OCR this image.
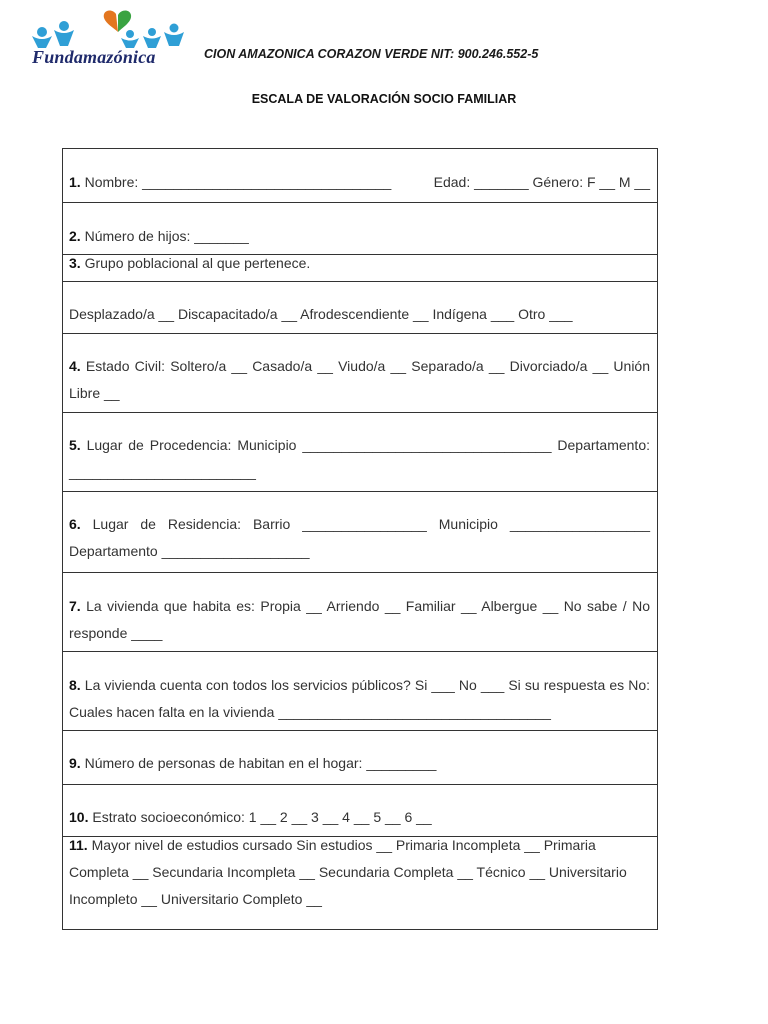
Fundamazónica	CION AMAZONICA CORAZON VERDE NIT: 900.246.552-5
ESCALA DE VALORACIÓN SOCIO FAMILIAR
1. Nombre: ________________________________	Edad: _______ Género: F __ M __
2. Número de hijos: _______
3. Grupo poblacional al que pertenece.
Desplazado/a __ Discapacitado/a __ Afrodescendiente __ Indígena ___ Otro ___
4. Estado Civil: Soltero/a __ Casado/a __ Viudo/a __ Separado/a __ Divorciado/a __ Unión Libre __
5. Lugar de Procedencia: Municipio ________________________________ Departamento: ________________________
6. Lugar de Residencia: Barrio ________________ Municipio __________________ Departamento ___________________
7. La vivienda que habita es: Propia __ Arriendo __ Familiar __ Albergue __ No sabe / No responde ____
8. La vivienda cuenta con todos los servicios públicos? Si ___ No ___ Si su respuesta es No: Cuales hacen falta en la vivienda ___________________________________
9. Número de personas de habitan en el hogar: _________
10. Estrato socioeconómico: 1 __ 2 __ 3 __ 4 __ 5 __ 6 __
11. Mayor nivel de estudios cursado Sin estudios __ Primaria Incompleta __ Primaria Completa __ Secundaria Incompleta __ Secundaria Completa __ Técnico __ Universitario Incompleto __ Universitario Completo __
